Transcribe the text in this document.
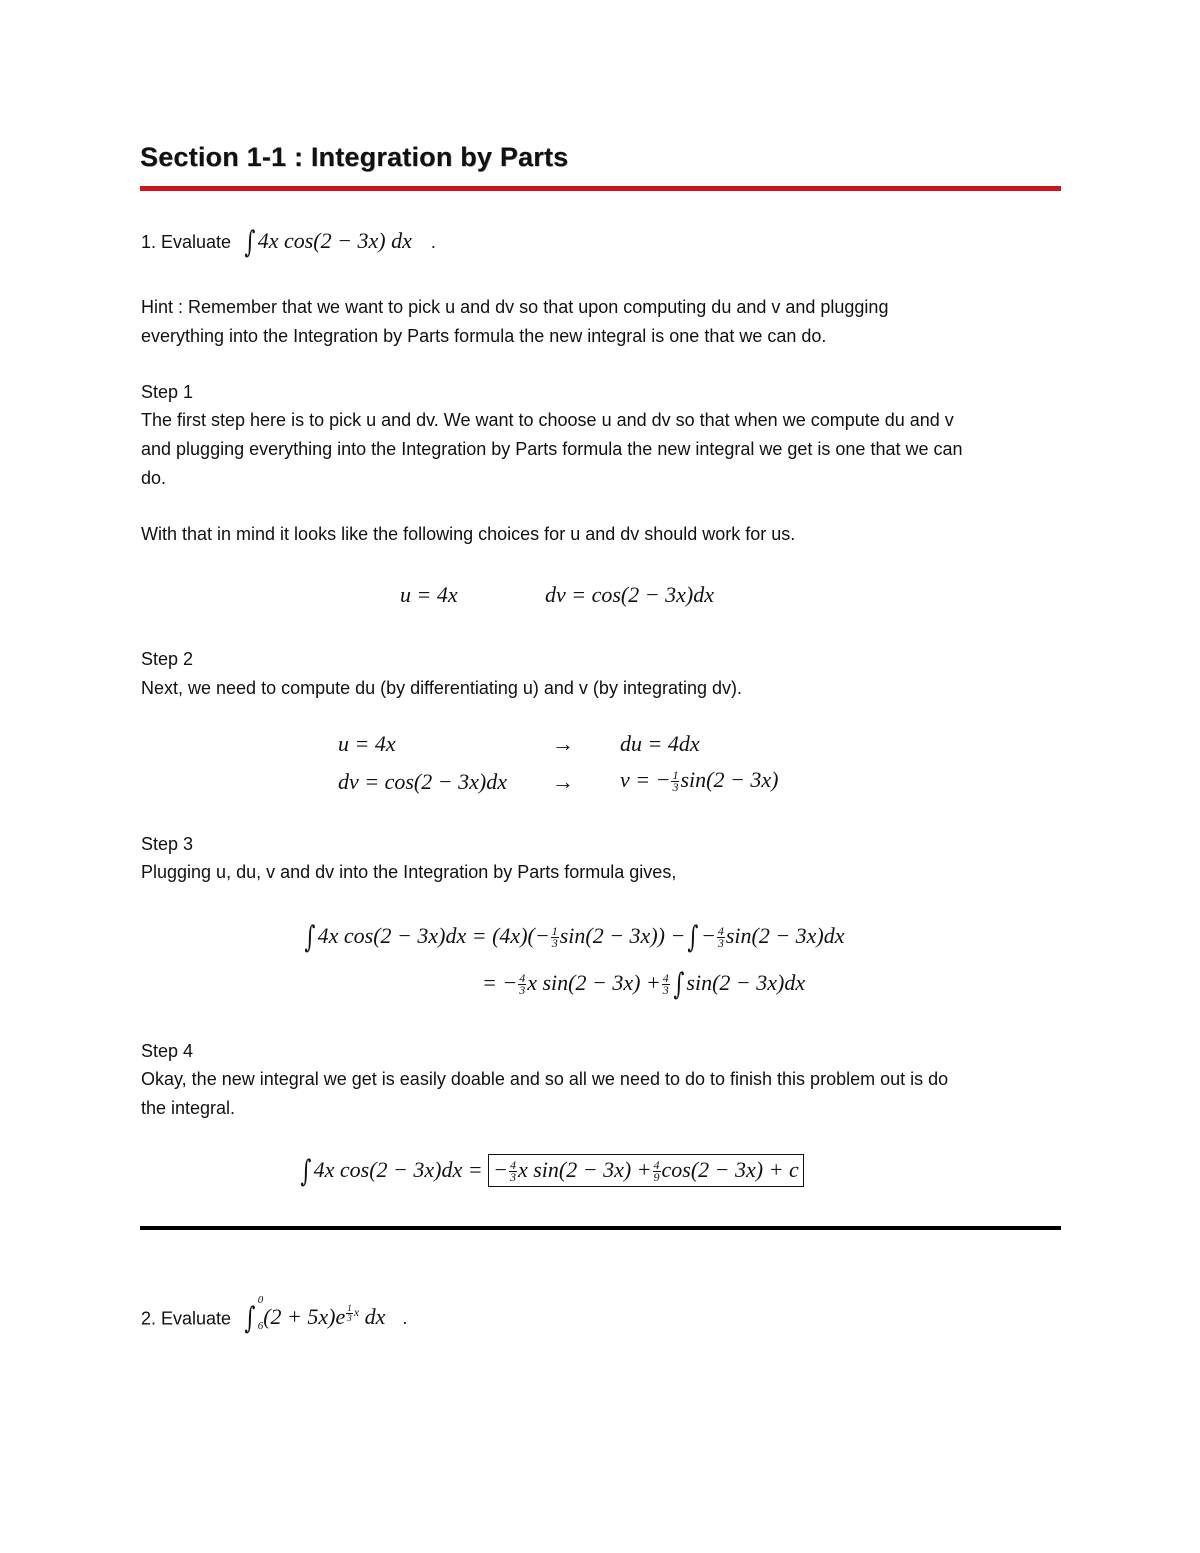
Section 1-1 : Integration by Parts
1. Evaluate ∫ 4x cos(2 − 3x) dx .
Hint : Remember that we want to pick u and dv so that upon computing du and v and plugging
everything into the Integration by Parts formula the new integral is one that we can do.
Step 1
The first step here is to pick u and dv. We want to choose u and dv so that when we compute du and v
and plugging everything into the Integration by Parts formula the new integral we get is one that we can
do.
With that in mind it looks like the following choices for u and dv should work for us.
u = 4x	dv = cos(2 − 3x)dx
Step 2
Next, we need to compute du (by differentiating u) and v (by integrating dv).
u = 4x	→ du = 4dx
dv = cos(2 − 3x)dx → v = − $\frac{1}{3} \sin(2 - 3x)$
Step 3
Plugging u, du, v and dv into the Integration by Parts formula gives,
∫ 4x $\cos(2 - 3x)dx = (4x)(- \frac{1}{3} \sin(2 - 3x))$ −∫ − $\frac{4}{3} \sin(2 - 3x)dx$
= − $\frac{4}{3}$ x $\sin(2 - 3x) + \frac{4}{3}$ ∫ sin(2 − 3x)dx
Step 4
Okay, the new integral we get is easily doable and so all we need to do to finish this problem out is do
the integral.
∫ 4x cos(2 − 3x)dx = − $\frac{4}{3}$ x $\sin(2 - 3x) + \frac{4}{9} \cos(2 - 3x) + c$
2. Evaluate ∫
0
6 (2 + 5x)e $^{\frac{1}{3} x}$ dx .
